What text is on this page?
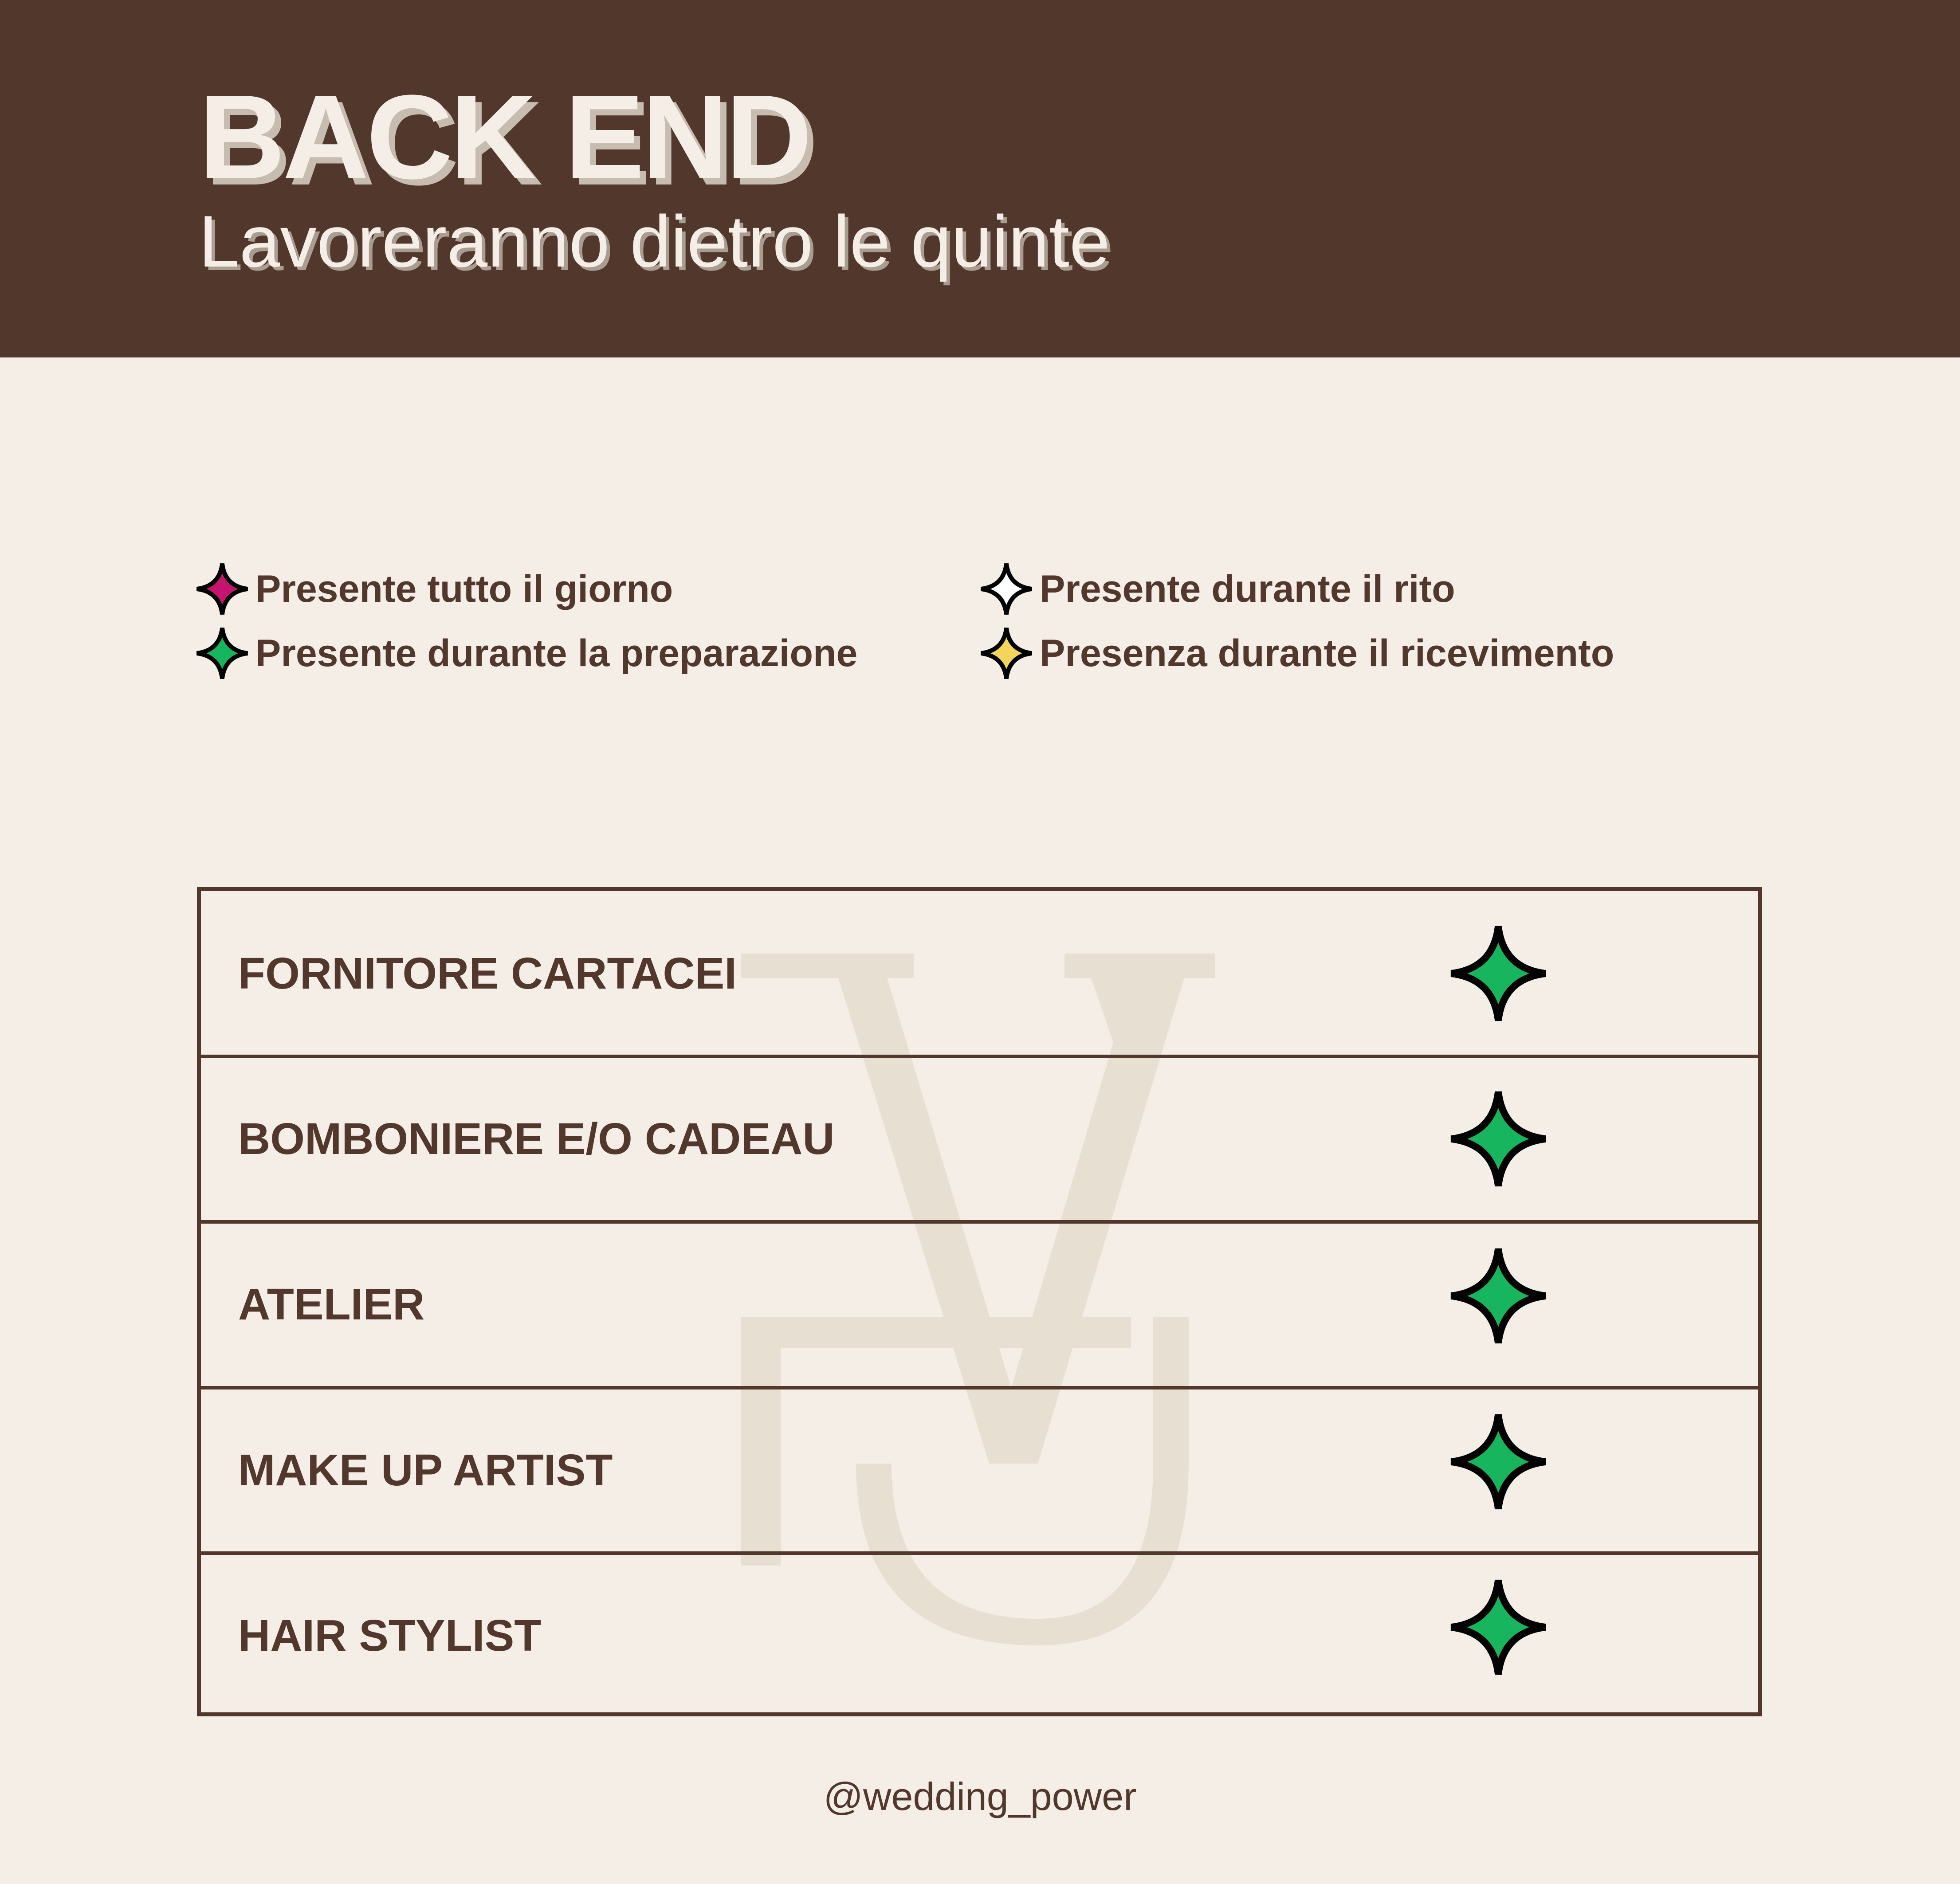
BACK END
Lavoreranno dietro le quinte
Presente tutto il giorno
Presente durante la preparazione
Presente durante il rito
Presenza durante il ricevimento
FORNITORE CARTACEI
BOMBONIERE E/O CADEAU
ATELIER
MAKE UP ARTIST
HAIR STYLIST
@wedding_power
